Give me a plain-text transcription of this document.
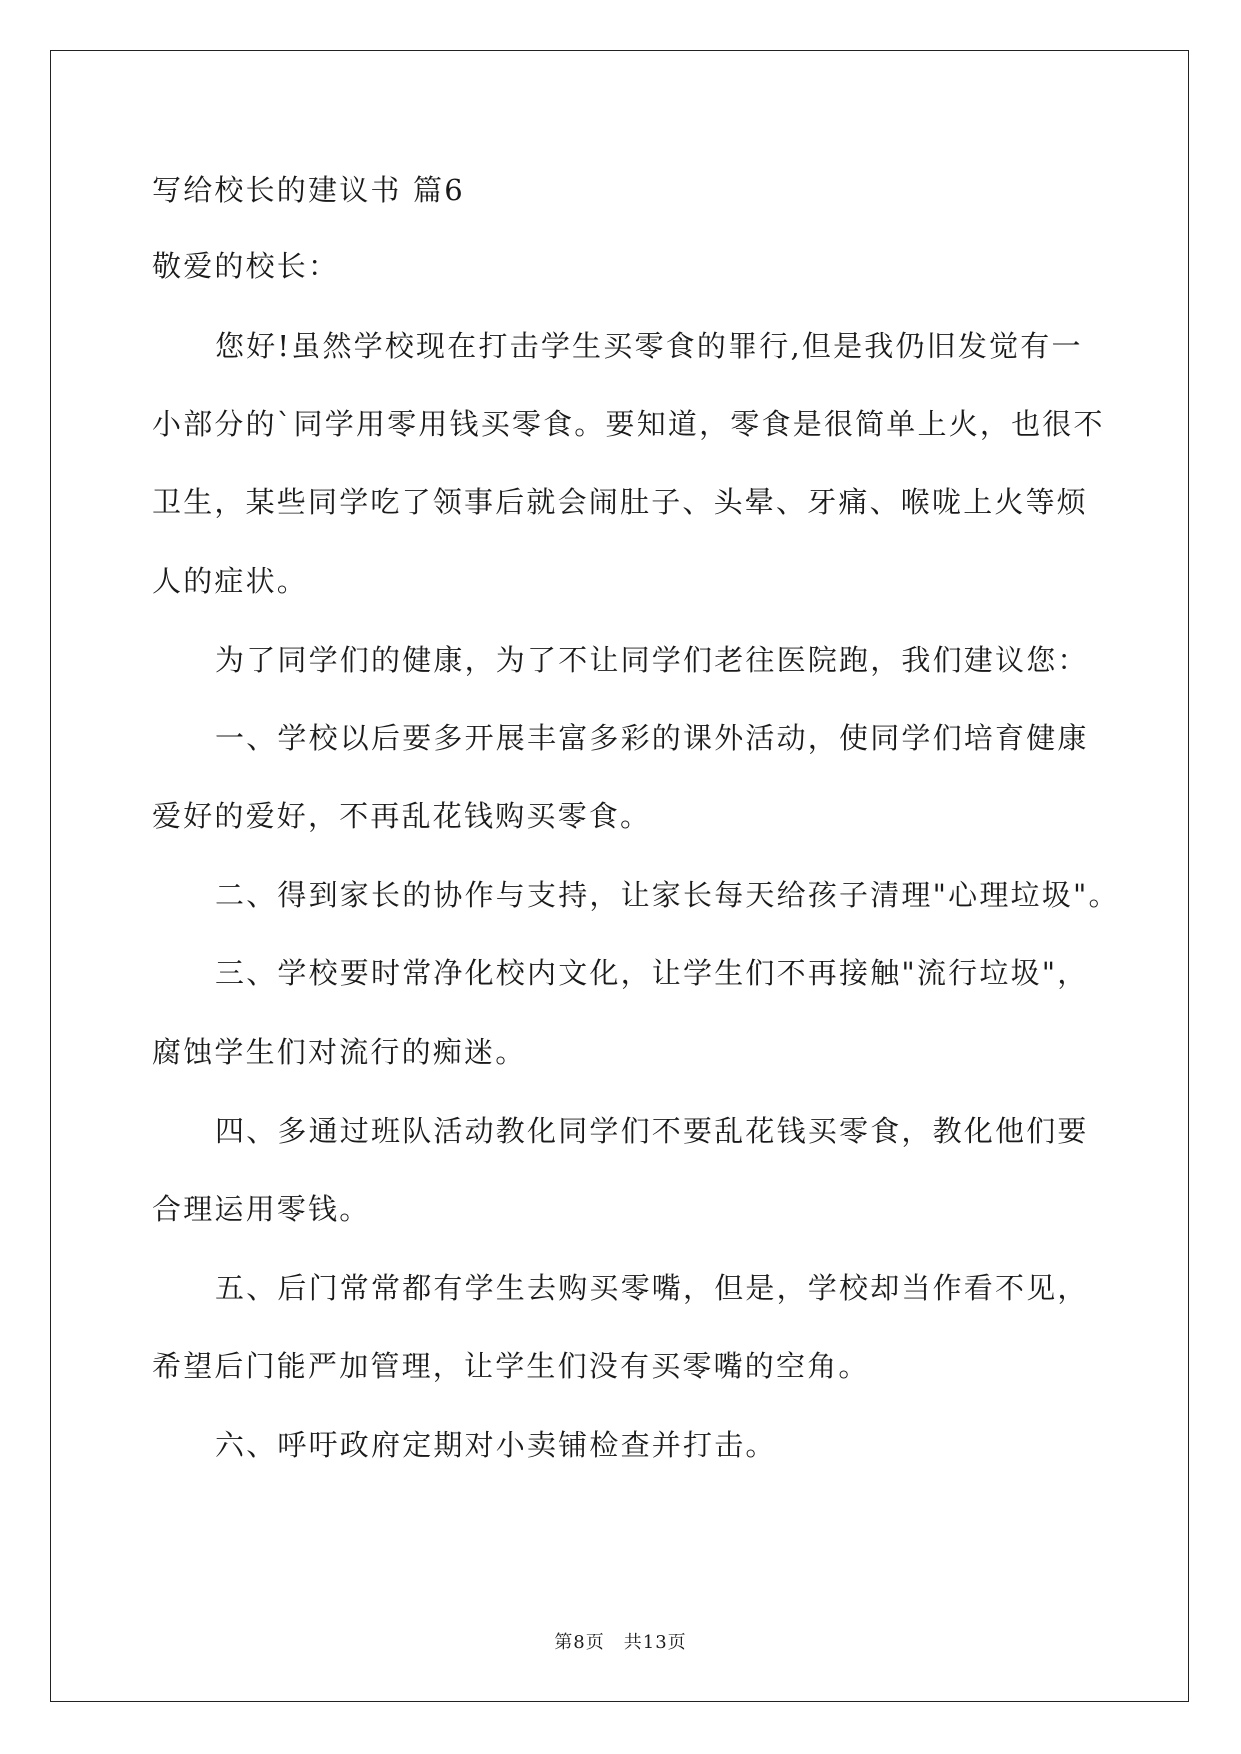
写给校长的建议书 篇6
敬爱的校长：
您好!虽然学校现在打击学生买零食的罪行,但是我仍旧发觉有一
小部分的`同学用零用钱买零食。要知道，零食是很简单上火，也很不
卫生，某些同学吃了领事后就会闹肚子、头晕、牙痛、喉咙上火等烦
人的症状。
为了同学们的健康，为了不让同学们老往医院跑，我们建议您：
一、学校以后要多开展丰富多彩的课外活动，使同学们培育健康
爱好的爱好，不再乱花钱购买零食。
二、得到家长的协作与支持，让家长每天给孩子清理"心理垃圾"。
三、学校要时常净化校内文化，让学生们不再接触"流行垃圾"，
腐蚀学生们对流行的痴迷。
四、多通过班队活动教化同学们不要乱花钱买零食，教化他们要
合理运用零钱。
五、后门常常都有学生去购买零嘴，但是，学校却当作看不见，
希望后门能严加管理，让学生们没有买零嘴的空角。
六、呼吁政府定期对小卖铺检查并打击。
第8页　共13页
